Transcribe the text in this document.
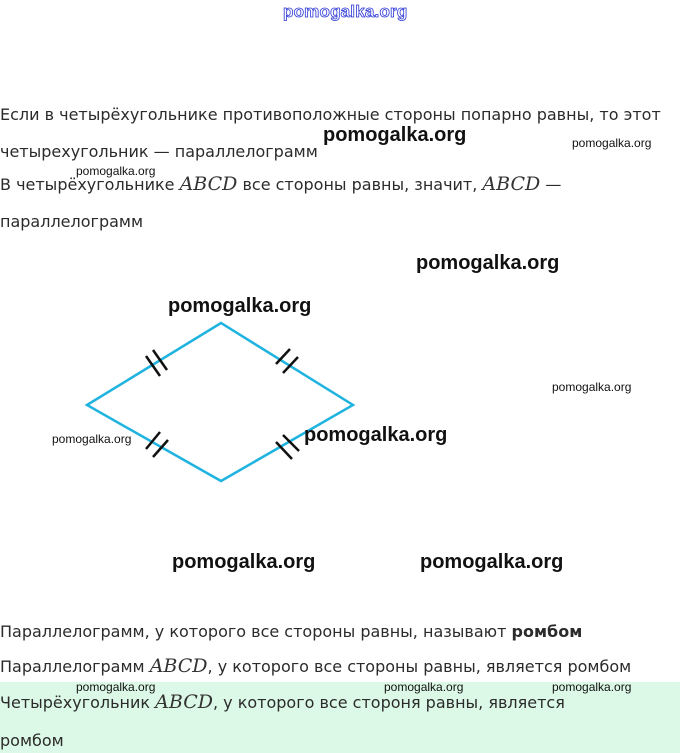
pomogalka.org
Если в четырёхугольнике противоположные стороны попарно равны, то этот
четырехугольник — параллелограмм
В четырёхугольнике ABCD все стороны равны, значит, ABCD —
параллелограмм
Параллелограмм, у которого все стороны равны, называют ромбом
Параллелограмм ABCD, у которого все стороны равны, является ромбом
Четырёхугольник ABCD, у которого все стороня равны, является
ромбом
pomogalka.org	pomogalka.org
pomogalka.org
pomogalka.org
pomogalka.org
pomogalka.org
pomogalka.org	pomogalka.org
pomogalka.org	pomogalka.org
pomogalka.org	pomogalka.org	pomogalka.org
